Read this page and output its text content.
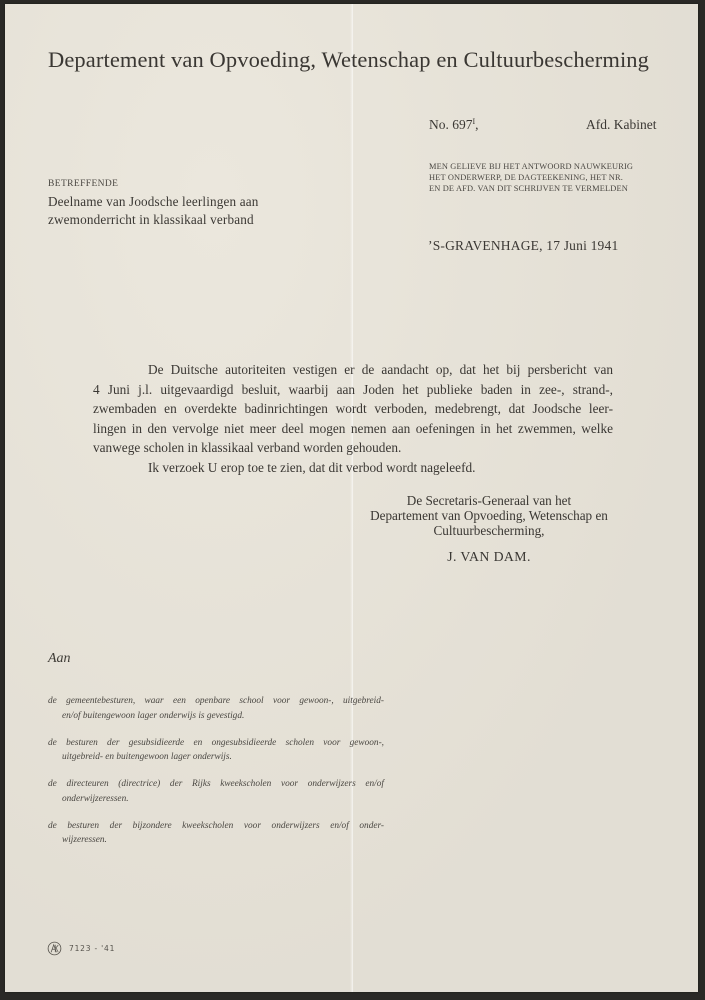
Departement van Opvoeding, Wetenschap en Cultuurbescherming
No. $697^I$,	Afd. Kabinet
MEN GELIEVE BIJ HET ANTWOORD NAUWKEURIG
HET ONDERWERP, DE DAGTEEKENING, HET NR.
EN DE AFD. VAN DIT SCHRIJVEN TE VERMELDEN
BETREFFENDE
Deelname van Joodsche leerlingen aan
zwemonderricht in klassikaal verband
’S-GRAVENHAGE, 17 Juni 1941
De Duitsche autoriteiten vestigen er de aandacht op, dat het bij persbericht van
4 Juni j.l. uitgevaardigd besluit, waarbij aan Joden het publieke baden in zee-, strand-,
zwembaden en overdekte badinrichtingen wordt verboden, medebrengt, dat Joodsche leer-
lingen in den vervolge niet meer deel mogen nemen aan oefeningen in het zwemmen, welke
vanwege scholen in klassikaal verband worden gehouden.
Ik verzoek U erop toe te zien, dat dit verbod wordt nageleefd.
De Secretaris-Generaal van het
Departement van Opvoeding, Wetenschap en
Cultuurbescherming,
J. VAN DAM.
Aan
de gemeentebesturen, waar een openbare school voor gewoon-, uitgebreid-
en/of buitengewoon lager onderwijs is gevestigd.
de besturen der gesubsidieerde en ongesubsidieerde scholen voor gewoon-,
uitgebreid- en buitengewoon lager onderwijs.
de directeuren (directrice) der Rijks kweekscholen voor onderwijzers en/of
onderwijzeressen.
de besturen der bijzondere kweekscholen voor onderwijzers en/of onder-
wijzeressen.
7123 - '41
